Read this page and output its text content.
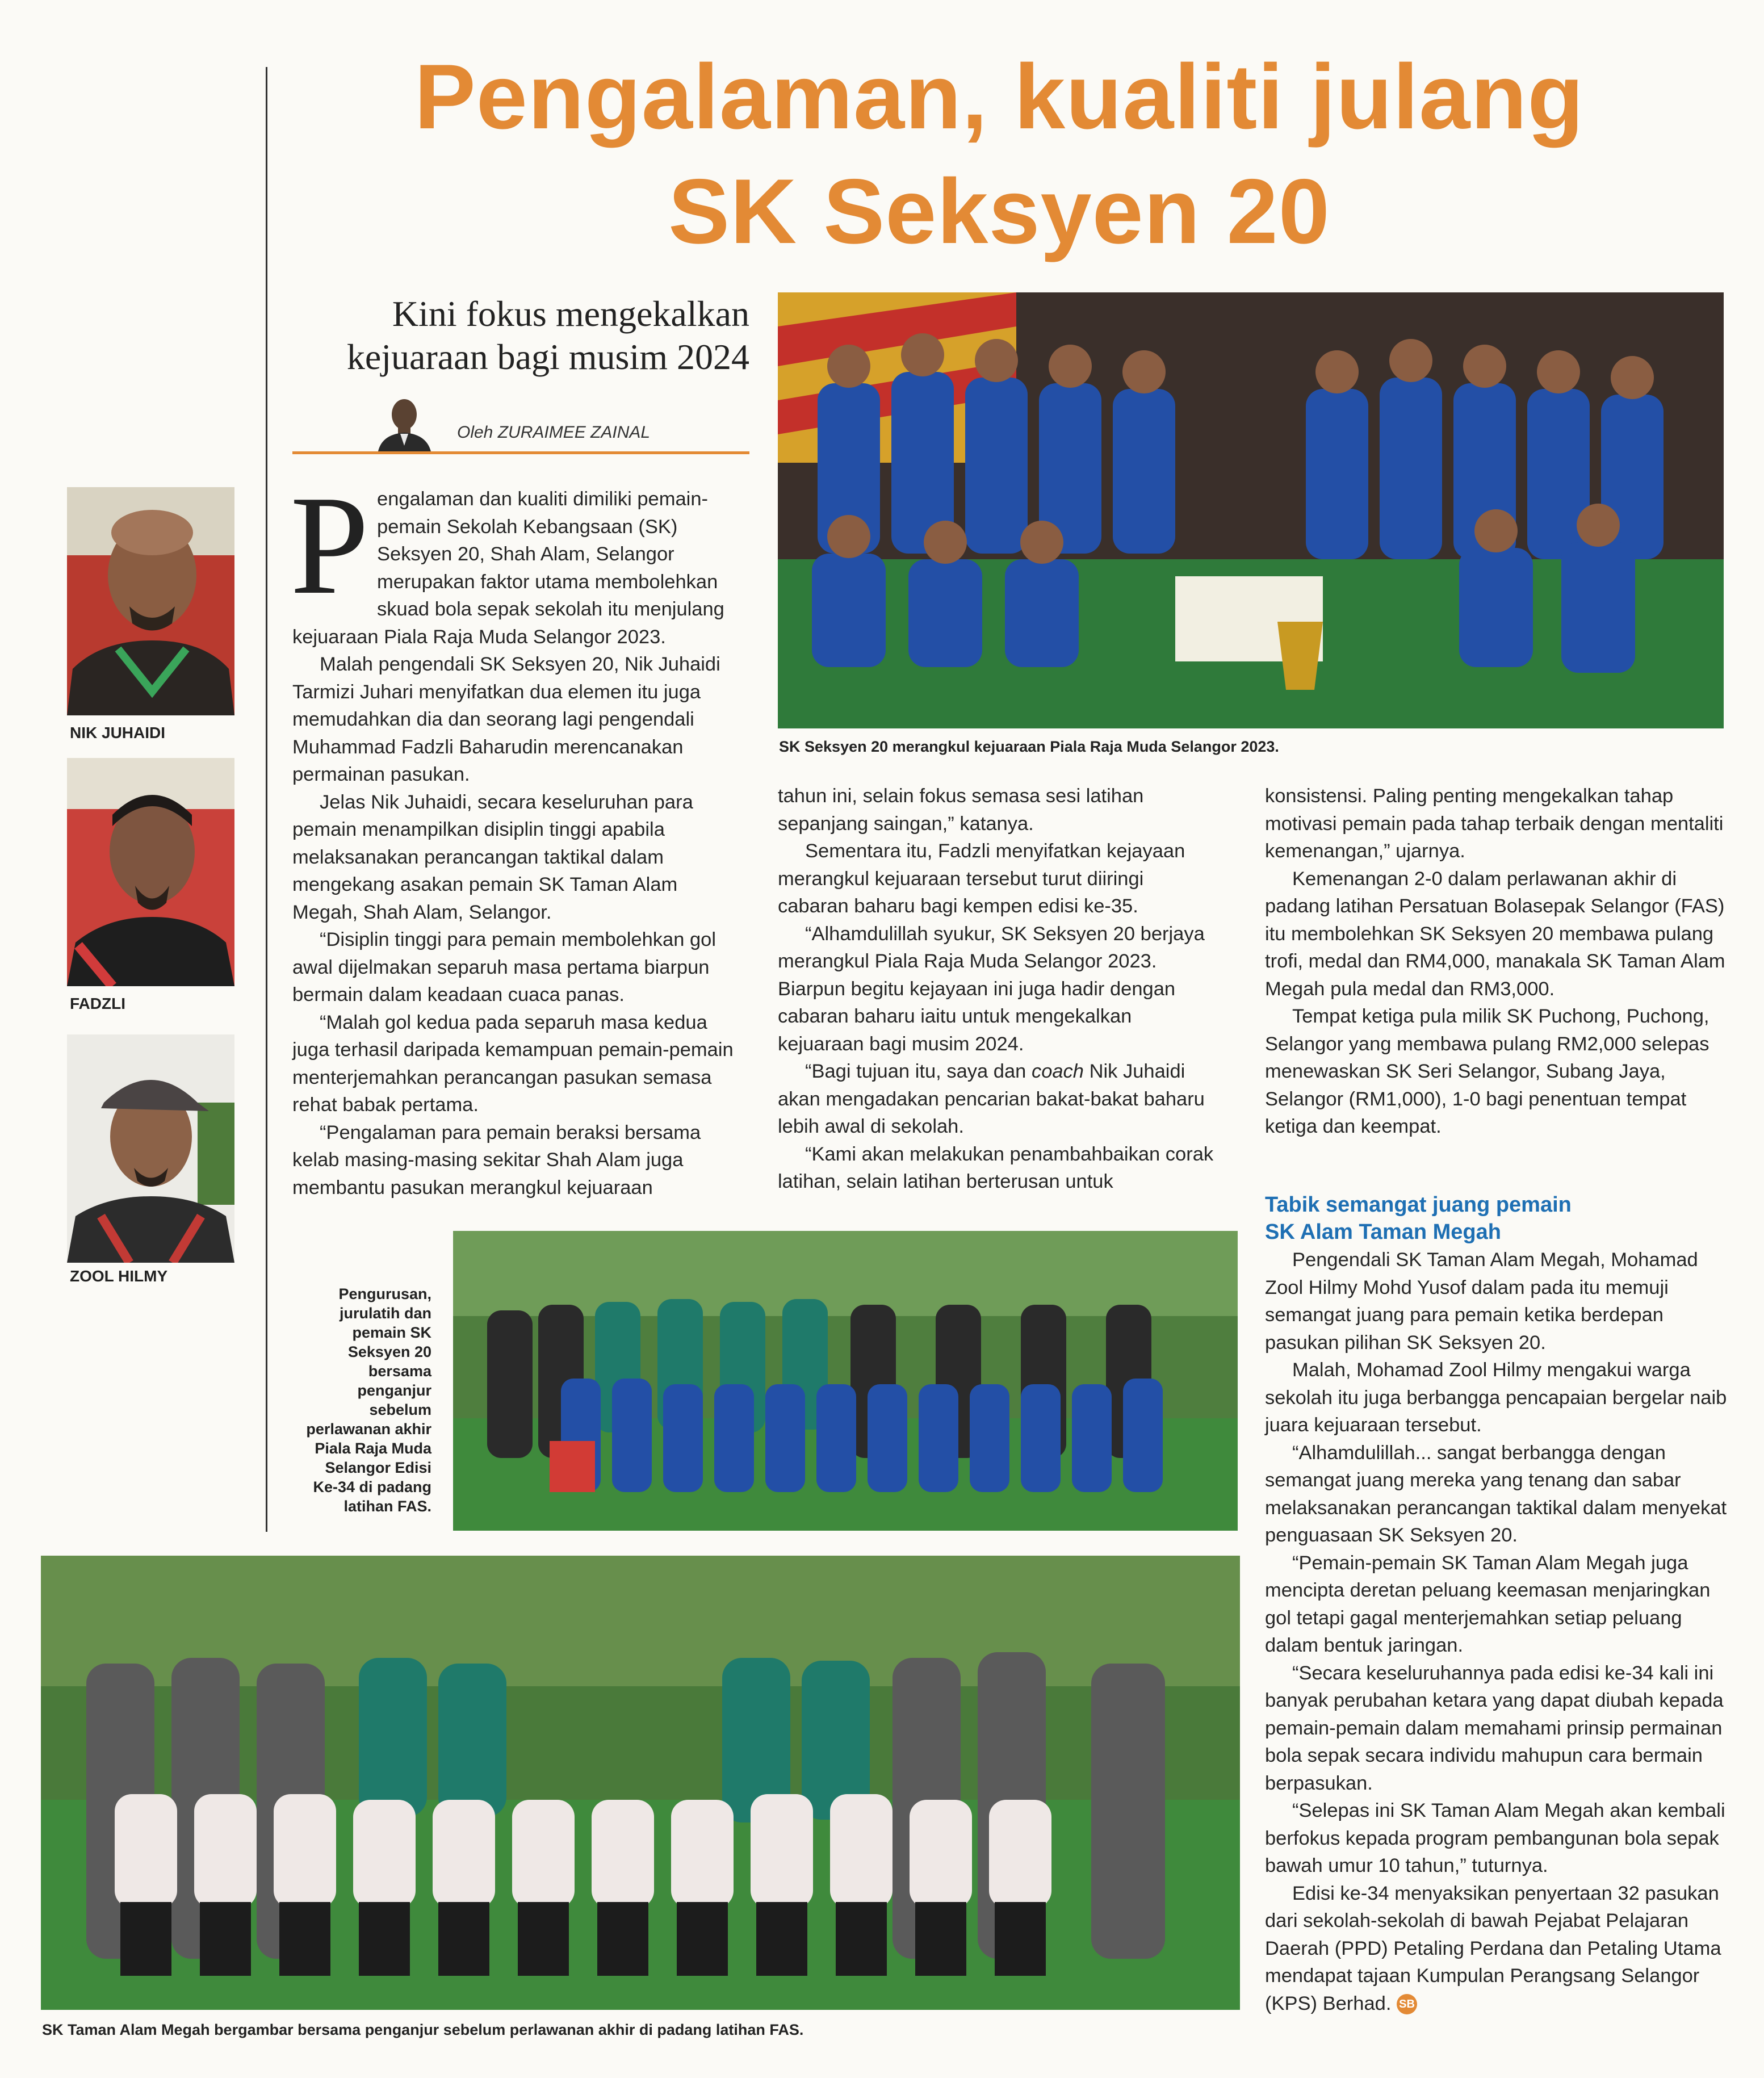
Pengalaman, kualiti julang
SK Seksyen 20
Kini fokus mengekalkan
kejuaraan bagi musim 2024
Oleh ZURAIMEE ZAINAL
NIK JUHAIDI
FADZLI
ZOOL HILMY
SK Seksyen 20 merangkul kejuaraan Piala Raja Muda Selangor 2023.
P engalaman dan kualiti dimiliki pemain-pemain Sekolah Kebangsaan (SK) Seksyen 20, Shah Alam, Selangor merupakan faktor utama membolehkan skuad bola sepak sekolah itu menjulang kejuaraan Piala Raja Muda Selangor 2023.

Malah pengendali SK Seksyen 20, Nik Juhaidi Tarmizi Juhari menyifatkan dua elemen itu juga memudahkan dia dan seorang lagi pengendali Muhammad Fadzli Baharudin merencanakan permainan pasukan.

Jelas Nik Juhaidi, secara keseluruhan para pemain menampilkan disiplin tinggi apabila melaksanakan perancangan taktikal dalam mengekang asakan pemain SK Taman Alam Megah, Shah Alam, Selangor.

“Disiplin tinggi para pemain membolehkan gol awal dijelmakan separuh masa pertama biarpun bermain dalam keadaan cuaca panas.

“Malah gol kedua pada separuh masa kedua juga terhasil daripada kemampuan pemain-pemain menterjemahkan perancangan pasukan semasa rehat babak pertama.

“Pengalaman para pemain beraksi bersama kelab masing-masing sekitar Shah Alam juga membantu pasukan merangkul kejuaraan

tahun ini, selain fokus semasa sesi latihan sepanjang saingan,” katanya.

Sementara itu, Fadzli menyifatkan kejayaan merangkul kejuaraan tersebut turut diiringi cabaran baharu bagi kempen edisi ke-35.

“Alhamdulillah syukur, SK Seksyen 20 berjaya merangkul Piala Raja Muda Selangor 2023. Biarpun begitu kejayaan ini juga hadir dengan cabaran baharu iaitu untuk mengekalkan kejuaraan bagi musim 2024.

“Bagi tujuan itu, saya dan coach Nik Juhaidi akan mengadakan pencarian bakat-bakat baharu lebih awal di sekolah.

“Kami akan melakukan penambahbaikan corak latihan, selain latihan berterusan untuk

konsistensi. Paling penting mengekalkan tahap motivasi pemain pada tahap terbaik dengan mentaliti kemenangan,” ujarnya.

Kemenangan 2-0 dalam perlawanan akhir di padang latihan Persatuan Bolasepak Selangor (FAS) itu membolehkan SK Seksyen 20 membawa pulang trofi, medal dan RM4,000, manakala SK Taman Alam Megah pula medal dan RM3,000.

Tempat ketiga pula milik SK Puchong, Puchong, Selangor yang membawa pulang RM2,000 selepas menewaskan SK Seri Selangor, Subang Jaya, Selangor (RM1,000), 1-0 bagi penentuan tempat ketiga dan keempat.

Tabik semangat juang pemain
SK Alam Taman Megah

Pengendali SK Taman Alam Megah, Mohamad Zool Hilmy Mohd Yusof dalam pada itu memuji semangat juang para pemain ketika berdepan pasukan pilihan SK Seksyen 20.

Malah, Mohamad Zool Hilmy mengakui warga sekolah itu juga berbangga pencapaian bergelar naib juara kejuaraan tersebut.

“Alhamdulillah... sangat berbangga dengan semangat juang mereka yang tenang dan sabar melaksanakan perancangan taktikal dalam menyekat penguasaan SK Seksyen 20.

“Pemain-pemain SK Taman Alam Megah juga mencipta deretan peluang keemasan menjaringkan gol tetapi gagal menterjemahkan setiap peluang dalam bentuk jaringan.

“Secara keseluruhannya pada edisi ke-34 kali ini banyak perubahan ketara yang dapat diubah kepada pemain-pemain dalam memahami prinsip permainan bola sepak secara individu mahupun cara bermain berpasukan.

“Selepas ini SK Taman Alam Megah akan kembali berfokus kepada program pembangunan bola sepak bawah umur 10 tahun,” tuturnya.

Edisi ke-34 menyaksikan penyertaan 32 pasukan dari sekolah-sekolah di bawah Pejabat Pelajaran Daerah (PPD) Petaling Perdana dan Petaling Utama mendapat tajaan Kumpulan Perangsang Selangor (KPS) Berhad. SB

Pengurusan,
jurulatih dan
pemain SK
Seksyen 20
bersama
penganjur
sebelum
perlawanan akhir
Piala Raja Muda
Selangor Edisi
Ke-34 di padang
latihan FAS.
SK Taman Alam Megah bergambar bersama penganjur sebelum perlawanan akhir di padang latihan FAS.
